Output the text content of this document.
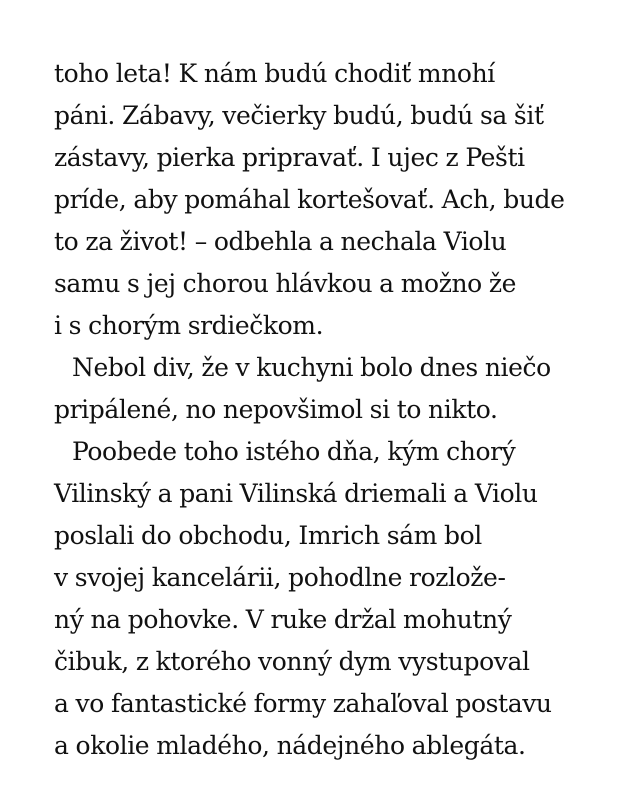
toho leta! K nám budú chodiť mnohí
páni. Zábavy, večierky budú, budú sa šiť
zástavy, pierka pripravať. I ujec z Pešti
príde, aby pomáhal kortešovať. Ach, bude
to za život! – odbehla a nechala Violu
samu s jej chorou hlávkou a možno že
i s chorým srdiečkom.
Nebol div, že v kuchyni bolo dnes niečo
pripálené, no nepovšimol si to nikto.
Poobede toho istého dňa, kým chorý
Vilinský a pani Vilinská driemali a Violu
poslali do obchodu, Imrich sám bol
v svojej kancelárii, pohodlne rozlože-
ný na pohovke. V ruke držal mohutný
čibuk, z ktorého vonný dym vystupoval
a vo fantastické formy zahaľoval postavu
a okolie mladého, nádejného ablegáta.
